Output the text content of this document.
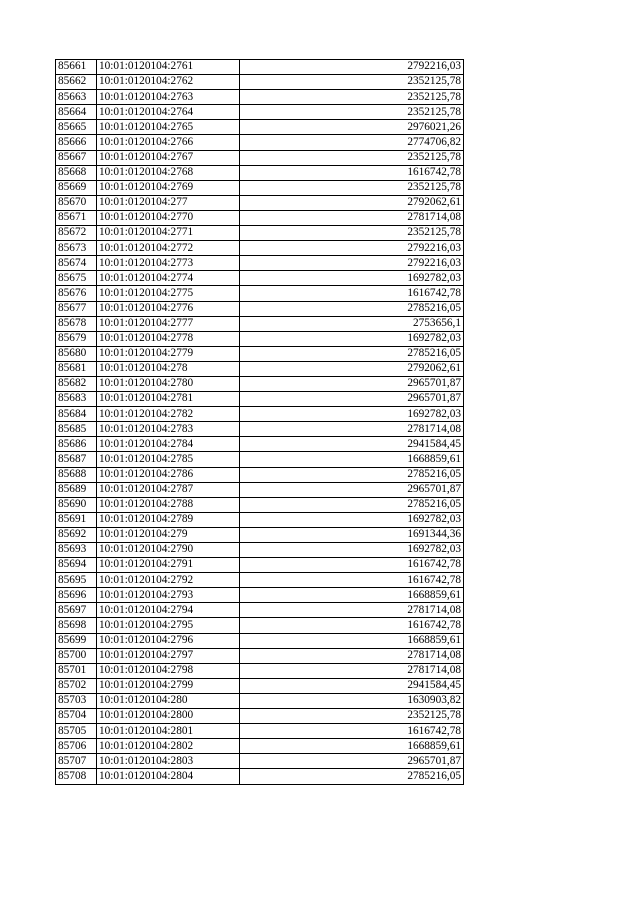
85661	10:01:0120104:2761	2792216,03
85662	10:01:0120104:2762	2352125,78
85663	10:01:0120104:2763	2352125,78
85664	10:01:0120104:2764	2352125,78
85665	10:01:0120104:2765	2976021,26
85666	10:01:0120104:2766	2774706,82
85667	10:01:0120104:2767	2352125,78
85668	10:01:0120104:2768	1616742,78
85669	10:01:0120104:2769	2352125,78
85670	10:01:0120104:277	2792062,61
85671	10:01:0120104:2770	2781714,08
85672	10:01:0120104:2771	2352125,78
85673	10:01:0120104:2772	2792216,03
85674	10:01:0120104:2773	2792216,03
85675	10:01:0120104:2774	1692782,03
85676	10:01:0120104:2775	1616742,78
85677	10:01:0120104:2776	2785216,05
85678	10:01:0120104:2777	2753656,1
85679	10:01:0120104:2778	1692782,03
85680	10:01:0120104:2779	2785216,05
85681	10:01:0120104:278	2792062,61
85682	10:01:0120104:2780	2965701,87
85683	10:01:0120104:2781	2965701,87
85684	10:01:0120104:2782	1692782,03
85685	10:01:0120104:2783	2781714,08
85686	10:01:0120104:2784	2941584,45
85687	10:01:0120104:2785	1668859,61
85688	10:01:0120104:2786	2785216,05
85689	10:01:0120104:2787	2965701,87
85690	10:01:0120104:2788	2785216,05
85691	10:01:0120104:2789	1692782,03
85692	10:01:0120104:279	1691344,36
85693	10:01:0120104:2790	1692782,03
85694	10:01:0120104:2791	1616742,78
85695	10:01:0120104:2792	1616742,78
85696	10:01:0120104:2793	1668859,61
85697	10:01:0120104:2794	2781714,08
85698	10:01:0120104:2795	1616742,78
85699	10:01:0120104:2796	1668859,61
85700	10:01:0120104:2797	2781714,08
85701	10:01:0120104:2798	2781714,08
85702	10:01:0120104:2799	2941584,45
85703	10:01:0120104:280	1630903,82
85704	10:01:0120104:2800	2352125,78
85705	10:01:0120104:2801	1616742,78
85706	10:01:0120104:2802	1668859,61
85707	10:01:0120104:2803	2965701,87
85708	10:01:0120104:2804	2785216,05
